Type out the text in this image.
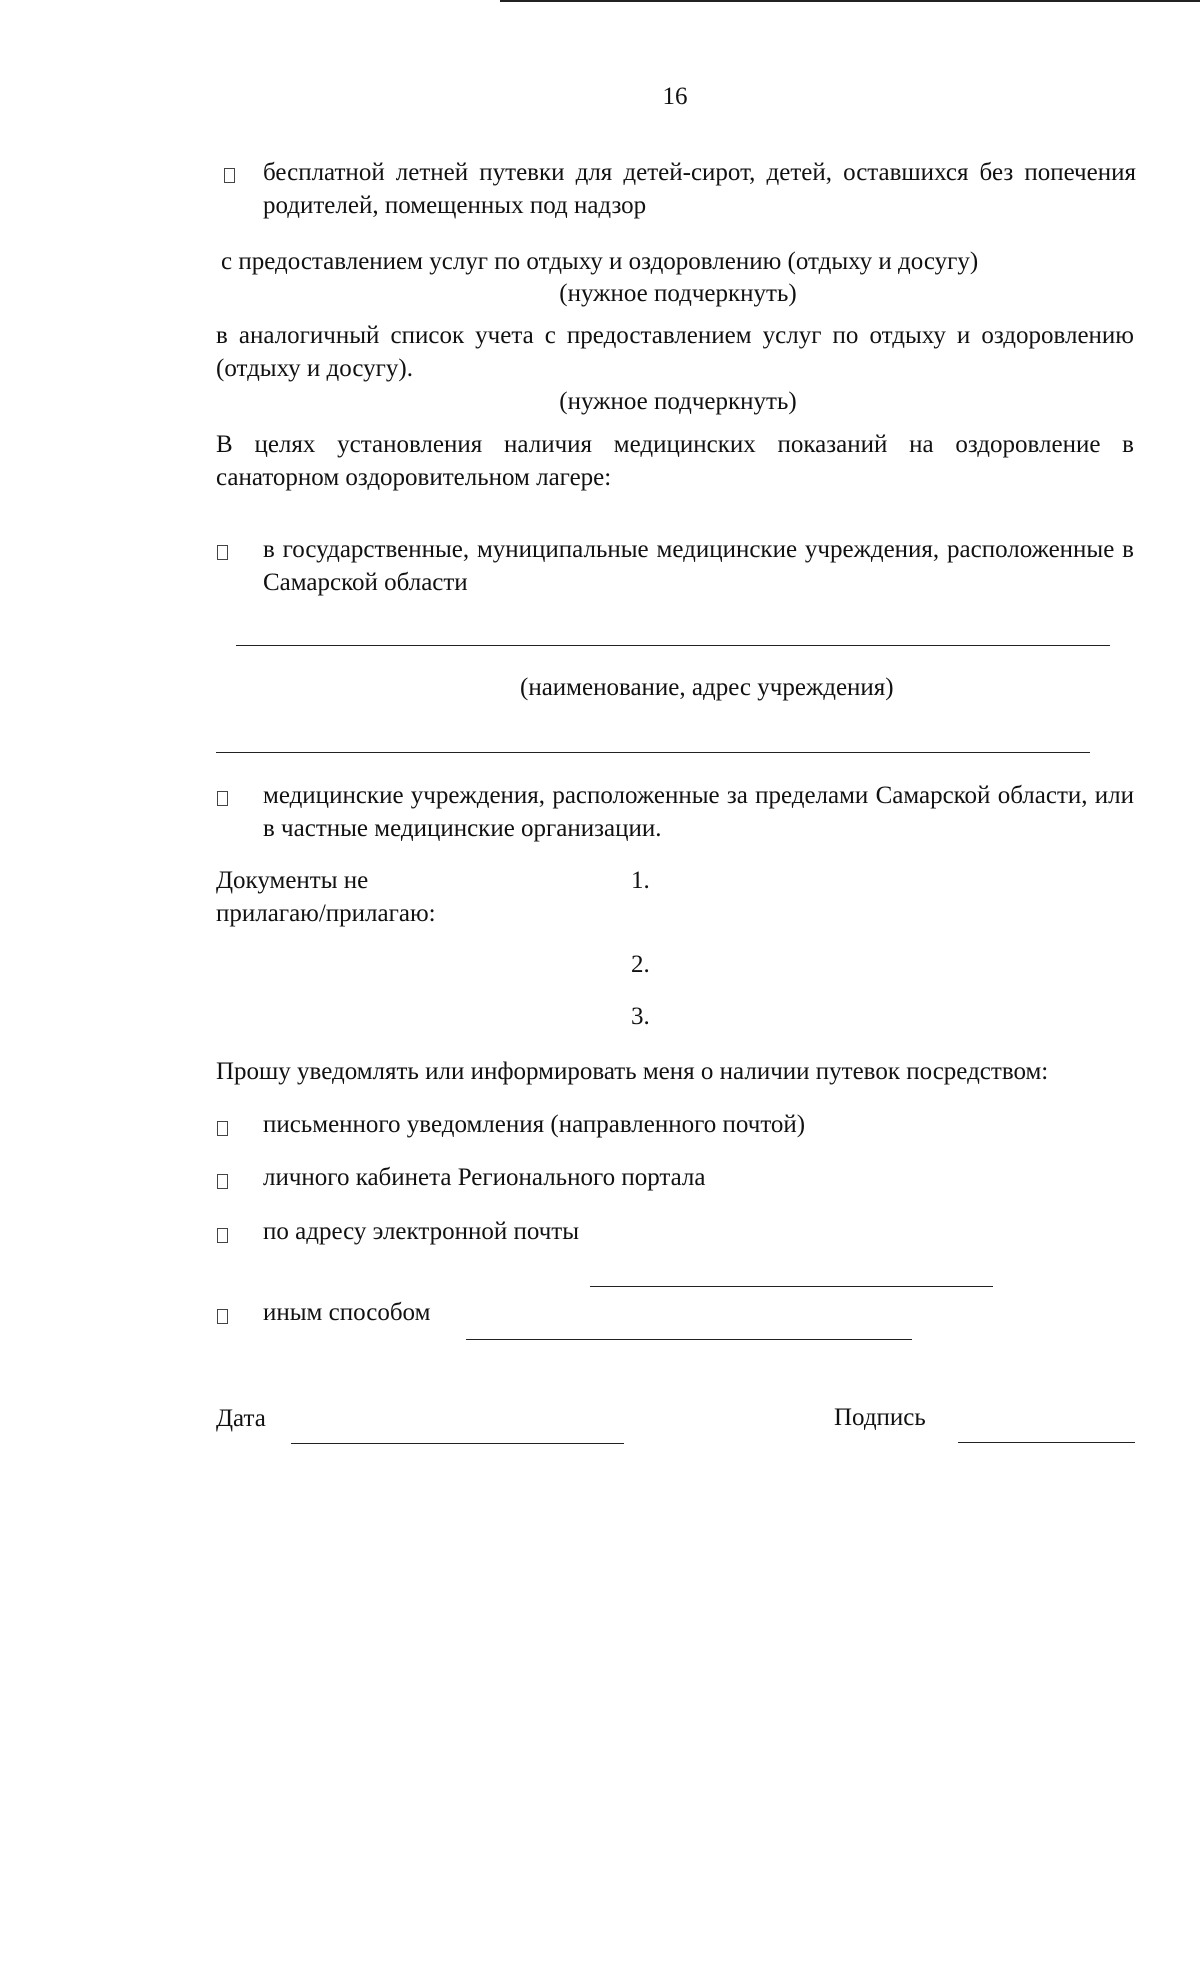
16
бесплатной летней путевки для детей-сирот, детей, оставшихся без попечения родителей, помещенных под надзор
с предоставлением услуг по отдыху и оздоровлению (отдыху и досугу)
(нужное подчеркнуть)
в аналогичный список учета с предоставлением услуг по отдыху и оздоровлению (отдыху и досугу).
(нужное подчеркнуть)
В целях установления наличия медицинских показаний на оздоровление в санаторном оздоровительном лагере:
в государственные, муниципальные медицинские учреждения, расположенные в Самарской области
(наименование, адрес учреждения)
медицинские учреждения, расположенные за пределами Самарской области, или в частные медицинские организации.
Документы не прилагаю/прилагаю:
1.
2.
3.
Прошу уведомлять или информировать меня о наличии путевок посредством:
письменного уведомления (направленного почтой)
личного кабинета Регионального портала
по адресу электронной почты
иным способом
Дата	Подпись
